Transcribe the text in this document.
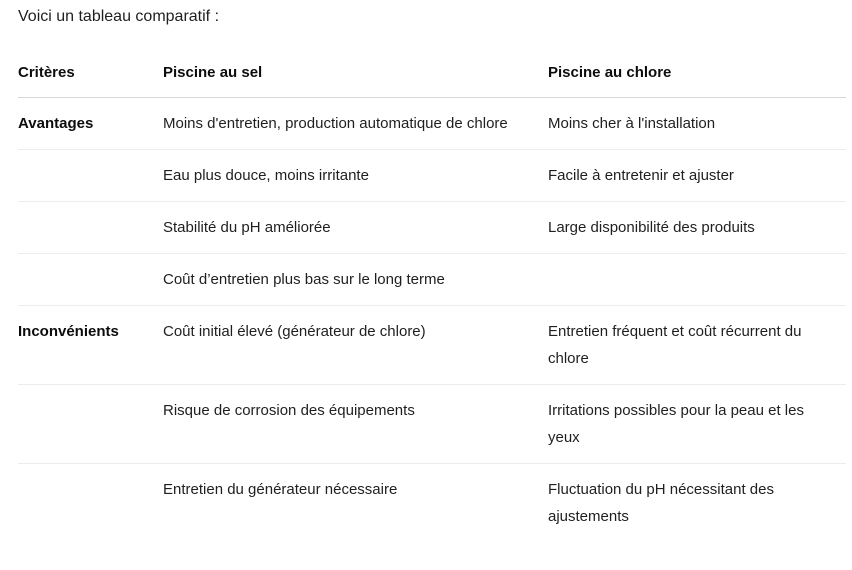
Voici un tableau comparatif :
Critères	Piscine au sel	Piscine au chlore
Avantages	Moins d'entretien, production automatique de chlore	Moins cher à l'installation
	Eau plus douce, moins irritante	Facile à entretenir et ajuster
	Stabilité du pH améliorée	Large disponibilité des produits
	Coût d’entretien plus bas sur le long terme	
Inconvénients	Coût initial élevé (générateur de chlore)	Entretien fréquent et coût récurrent du chlore
	Risque de corrosion des équipements	Irritations possibles pour la peau et les yeux
	Entretien du générateur nécessaire	Fluctuation du pH nécessitant des ajustements
